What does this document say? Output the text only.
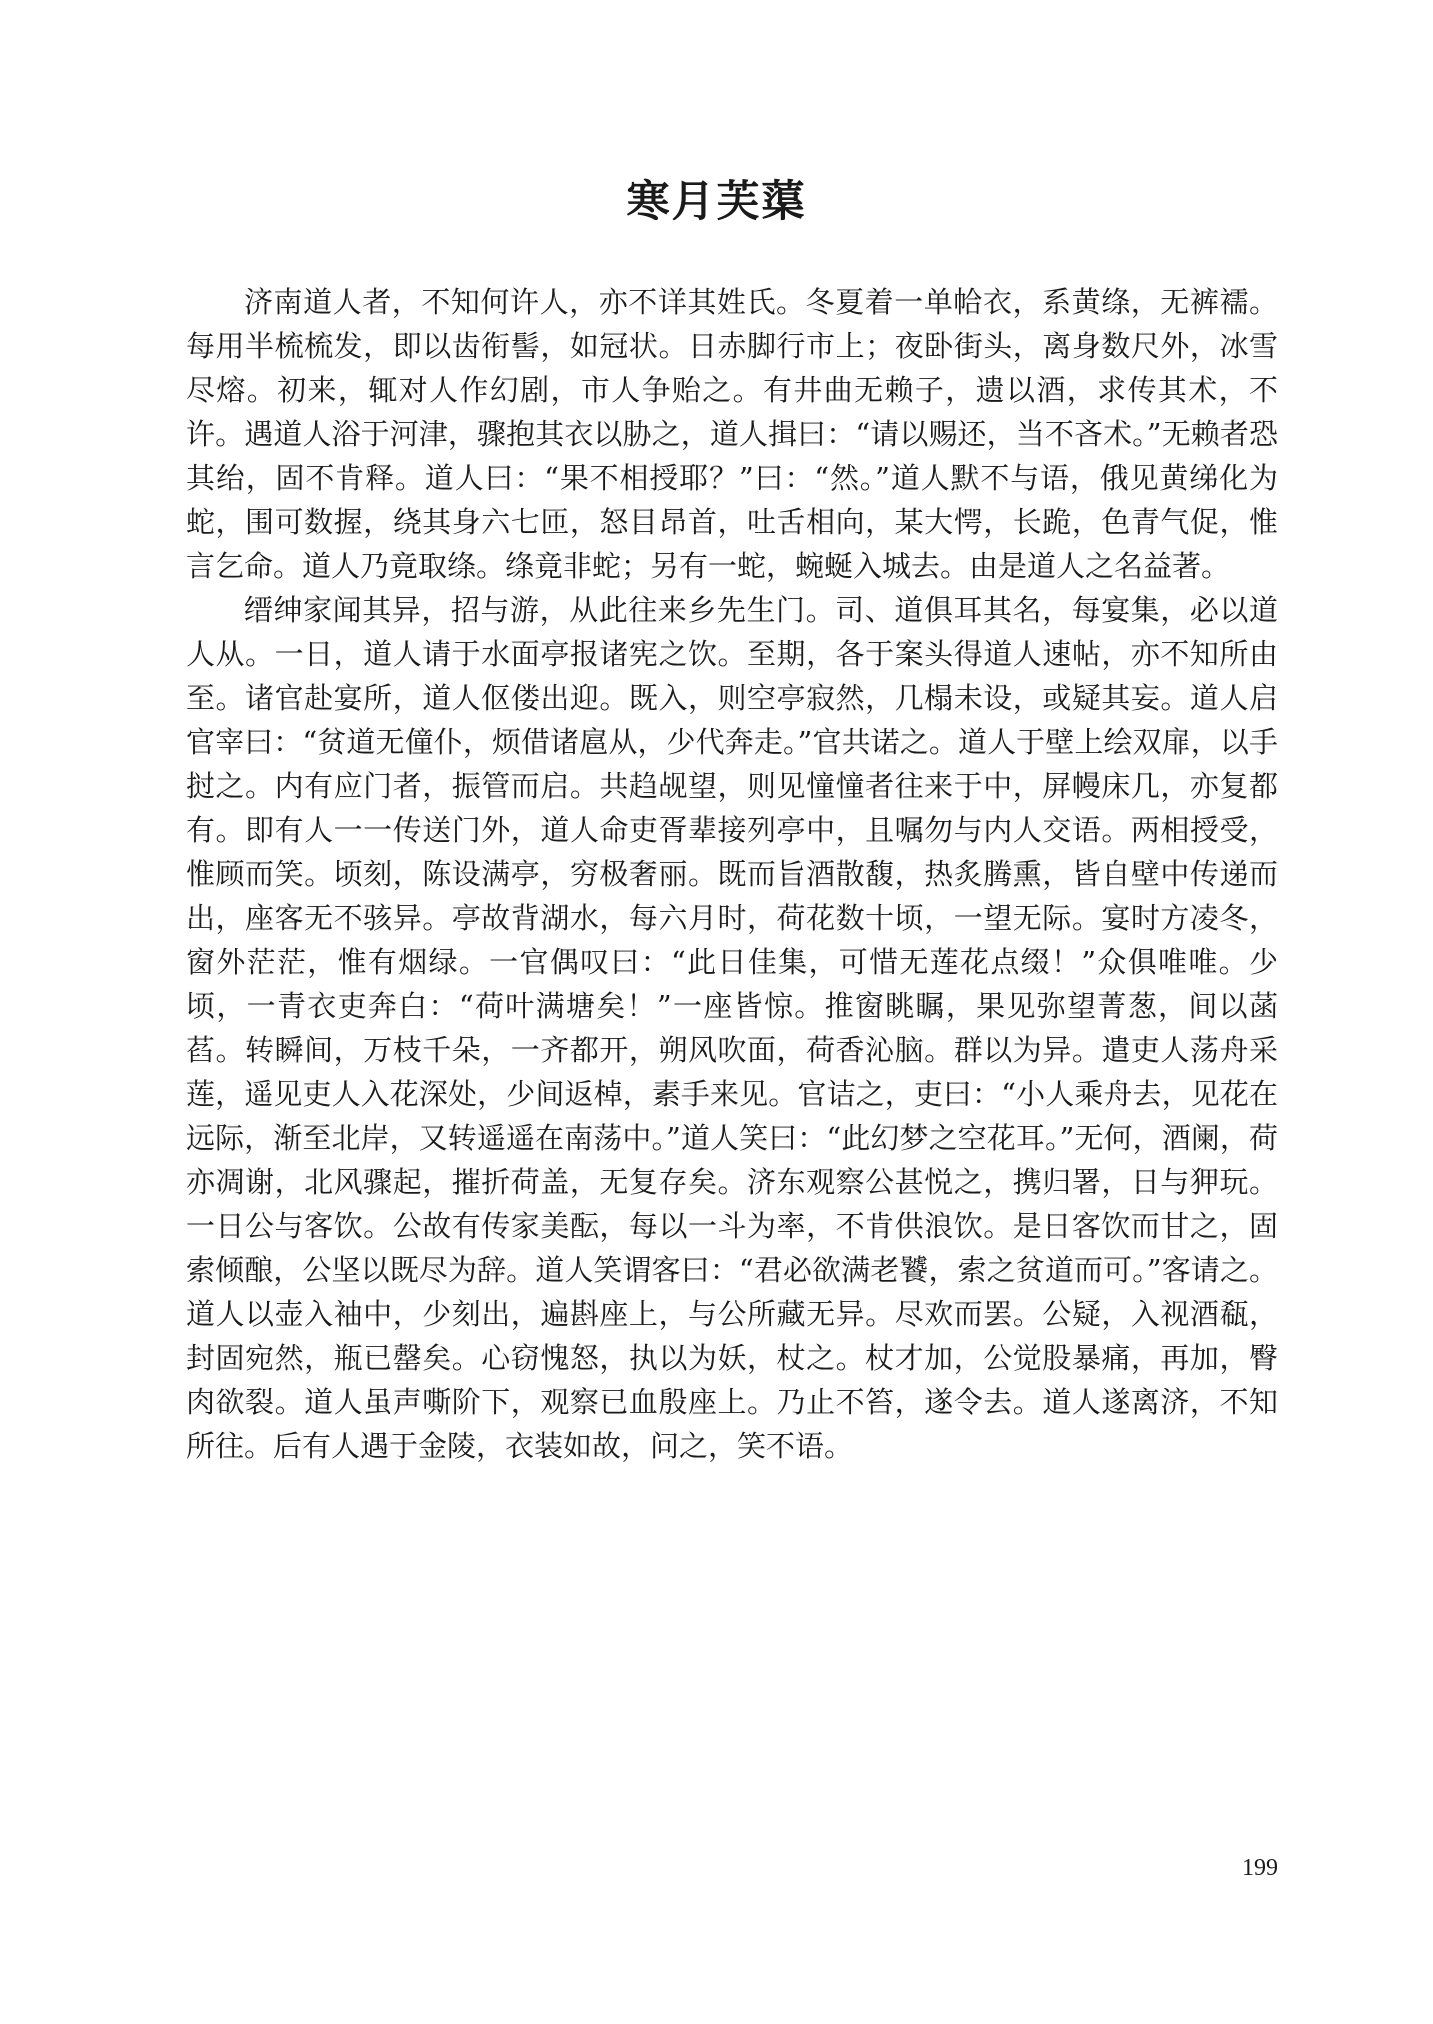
寒月芙蕖

济南道人者，不知何许人，亦不详其姓氏。冬夏着一单帢衣，系黄绦，无裤襦。每用半梳梳发，即以齿衔髻，如冠状。日赤脚行市上；夜卧街头，离身数尺外，冰雪尽熔。初来，辄对人作幻剧，市人争贻之。有井曲无赖子，遗以酒，求传其术，不许。遇道人浴于河津，骤抱其衣以胁之，道人揖曰：“请以赐还，当不吝术。”无赖者恐其绐，固不肯释。道人曰：“果不相授耶？”曰：“然。”道人默不与语，俄见黄绨化为蛇，围可数握，绕其身六七匝，怒目昂首，吐舌相向，某大愕，长跪，色青气促，惟言乞命。道人乃竟取绦。绦竟非蛇；另有一蛇，蜿蜒入城去。由是道人之名益著。

缙绅家闻其异，招与游，从此往来乡先生门。司、道俱耳其名，每宴集，必以道人从。一日，道人请于水面亭报诸宪之饮。至期，各于案头得道人速帖，亦不知所由至。诸官赴宴所，道人伛偻出迎。既入，则空亭寂然，几榻未设，或疑其妄。道人启官宰曰：“贫道无僮仆，烦借诸扈从，少代奔走。”官共诺之。道人于壁上绘双扉，以手挝之。内有应门者，振管而启。共趋觇望，则见憧憧者往来于中，屏幔床几，亦复都有。即有人一一传送门外，道人命吏胥辈接列亭中，且嘱勿与内人交语。两相授受，惟顾而笑。顷刻，陈设满亭，穷极奢丽。既而旨酒散馥，热炙腾熏，皆自壁中传递而出，座客无不骇异。亭故背湖水，每六月时，荷花数十顷，一望无际。宴时方凌冬，窗外茫茫，惟有烟绿。一官偶叹曰：“此日佳集，可惜无莲花点缀！”众俱唯唯。少顷，一青衣吏奔白：“荷叶满塘矣！”一座皆惊。推窗眺瞩，果见弥望菁葱，间以菡萏。转瞬间，万枝千朵，一齐都开，朔风吹面，荷香沁脑。群以为异。遣吏人荡舟采莲，遥见吏人入花深处，少间返棹，素手来见。官诘之，吏曰：“小人乘舟去，见花在远际，渐至北岸，又转遥遥在南荡中。”道人笑曰：“此幻梦之空花耳。”无何，酒阑，荷亦凋谢，北风骤起，摧折荷盖，无复存矣。济东观察公甚悦之，携归署，日与狎玩。一日公与客饮。公故有传家美酝，每以一斗为率，不肯供浪饮。是日客饮而甘之，固索倾酿，公坚以既尽为辞。道人笑谓客曰：“君必欲满老饕，索之贫道而可。”客请之。道人以壶入袖中，少刻出，遍斟座上，与公所藏无异。尽欢而罢。公疑，入视酒瓻，封固宛然，瓶已罄矣。心窃愧怒，执以为妖，杖之。杖才加，公觉股暴痛，再加，臀肉欲裂。道人虽声嘶阶下，观察已血殷座上。乃止不笞，遂令去。道人遂离济，不知所往。后有人遇于金陵，衣装如故，问之，笑不语。

199
